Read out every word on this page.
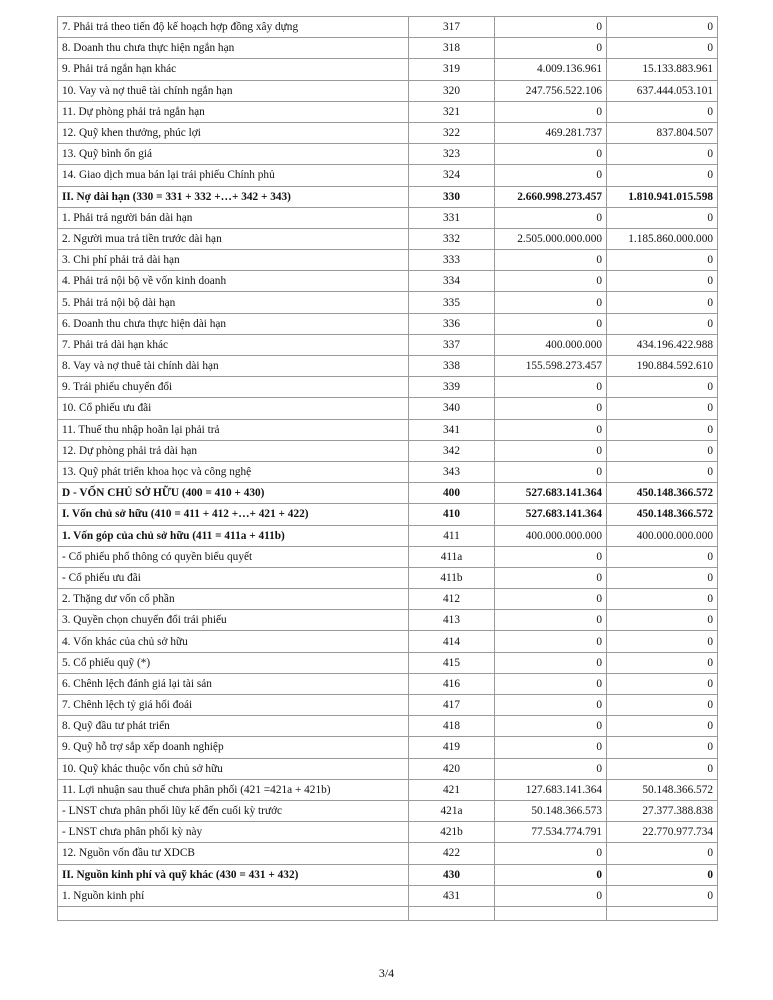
7. Phải trả theo tiến độ kế hoạch hợp đồng xây dựng	317	0	0
8. Doanh thu chưa thực hiện ngắn hạn	318	0	0
9. Phải trả ngắn hạn khác	319	4.009.136.961	15.133.883.961
10. Vay và nợ thuê tài chính ngắn hạn	320	247.756.522.106	637.444.053.101
11. Dự phòng phải trả ngắn hạn	321	0	0
12. Quỹ khen thưởng, phúc lợi	322	469.281.737	837.804.507
13. Quỹ bình ổn giá	323	0	0
14. Giao dịch mua bán lại trái phiếu Chính phủ	324	0	0
II. Nợ dài hạn (330 = 331 + 332 +…+ 342 + 343)	330	2.660.998.273.457	1.810.941.015.598
1. Phải trả người bán dài hạn	331	0	0
2. Người mua trả tiền trước dài hạn	332	2.505.000.000.000	1.185.860.000.000
3. Chi phí phải trả dài hạn	333	0	0
4. Phải trả nội bộ về vốn kinh doanh	334	0	0
5. Phải trả nội bộ dài hạn	335	0	0
6. Doanh thu chưa thực hiện dài hạn	336	0	0
7. Phải trả dài hạn khác	337	400.000.000	434.196.422.988
8. Vay và nợ thuê tài chính dài hạn	338	155.598.273.457	190.884.592.610
9. Trái phiếu chuyển đổi	339	0	0
10. Cổ phiếu ưu đãi	340	0	0
11. Thuế thu nhập hoãn lại phải trả	341	0	0
12. Dự phòng phải trả dài hạn	342	0	0
13. Quỹ phát triển khoa học và công nghệ	343	0	0
D - VỐN CHỦ SỞ HỮU (400 = 410 + 430)	400	527.683.141.364	450.148.366.572
I. Vốn chủ sở hữu (410 = 411 + 412 +…+ 421 + 422)	410	527.683.141.364	450.148.366.572
1. Vốn góp của chủ sở hữu (411 = 411a + 411b)	411	400.000.000.000	400.000.000.000
- Cổ phiếu phổ thông có quyền biểu quyết	411a	0	0
- Cổ phiếu ưu đãi	411b	0	0
2. Thặng dư vốn cổ phần	412	0	0
3. Quyền chọn chuyển đổi trái phiếu	413	0	0
4. Vốn khác của chủ sở hữu	414	0	0
5. Cổ phiếu quỹ (*)	415	0	0
6. Chênh lệch đánh giá lại tài sản	416	0	0
7. Chênh lệch tỷ giá hối đoái	417	0	0
8. Quỹ đầu tư phát triển	418	0	0
9. Quỹ hỗ trợ sắp xếp doanh nghiệp	419	0	0
10. Quỹ khác thuộc vốn chủ sở hữu	420	0	0
11. Lợi nhuận sau thuế chưa phân phối (421 =421a + 421b)	421	127.683.141.364	50.148.366.572
- LNST chưa phân phối lũy kế đến cuối kỳ trước	421a	50.148.366.573	27.377.388.838
- LNST chưa phân phối kỳ này	421b	77.534.774.791	22.770.977.734
12. Nguồn vốn đầu tư XDCB	422	0	0
II. Nguồn kinh phí và quỹ khác (430 = 431 + 432)	430	0	0
1. Nguồn kinh phí	431	0	0

3/4
